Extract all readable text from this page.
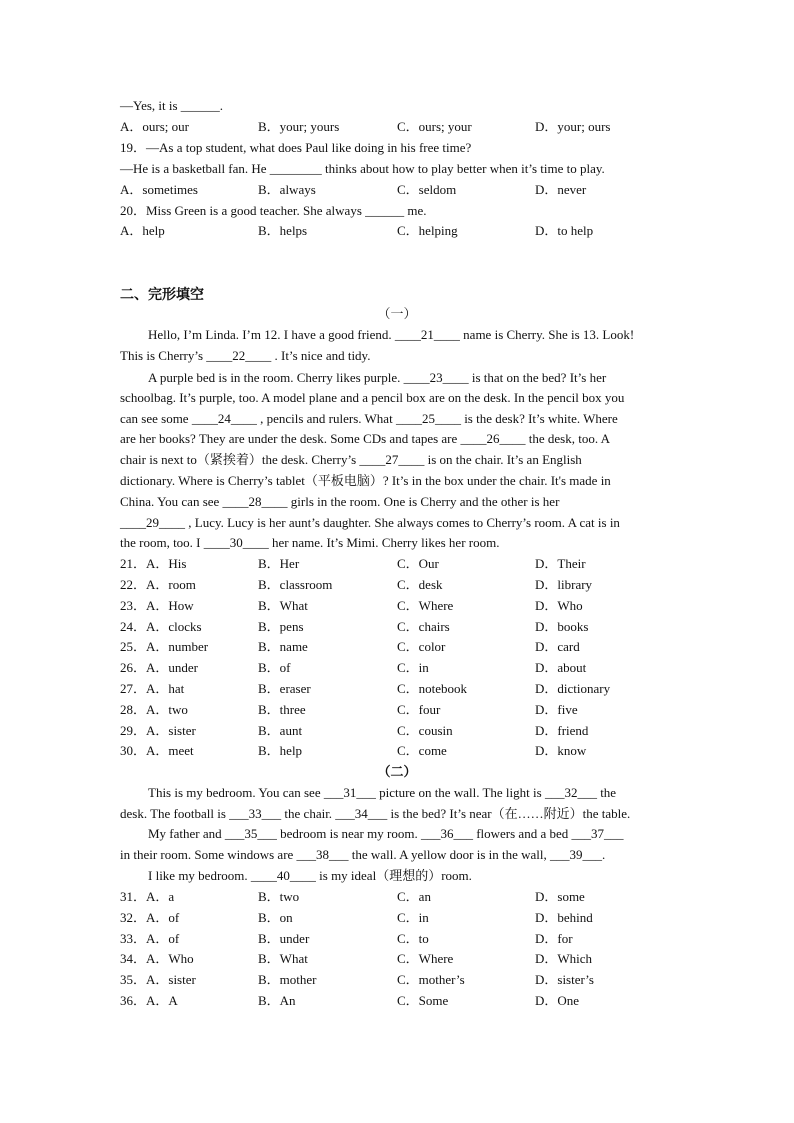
—Yes, it is ______.
A．ours; our	B．your; yours	C．ours; your	D．your; ours
19．—As a top student, what does Paul like doing in his free time?
—He is a basketball fan. He ________ thinks about how to play better when it’s time to play.
A．sometimes	B．always	C．seldom	D．never
20．Miss Green is a good teacher. She always ______ me.
A．help	B．helps	C．helping	D．to help
二、完形填空
（一）
Hello, I’m Linda. I’m 12. I have a good friend. ____21____ name is Cherry. She is 13. Look!
This is Cherry’s ____22____ . It’s nice and tidy.
A purple bed is in the room. Cherry likes purple. ____23____ is that on the bed? It’s her
schoolbag. It’s purple, too. A model plane and a pencil box are on the desk. In the pencil box you
can see some ____24____ , pencils and rulers. What ____25____ is the desk? It’s white. Where
are her books? They are under the desk. Some CDs and tapes are ____26____ the desk, too. A
chair is next to（紧挨着）the desk. Cherry’s ____27____ is on the chair. It’s an English
dictionary. Where is Cherry’s tablet（平板电脑）? It’s in the box under the chair. It's made in
China. You can see ____28____ girls in the room. One is Cherry and the other is her
____29____ , Lucy. Lucy is her aunt’s daughter. She always comes to Cherry’s room. A cat is in
the room, too. I ____30____ her name. It’s Mimi. Cherry likes her room.
21．A．His	B．Her	C．Our	D．Their
22．A．room	B．classroom	C．desk	D．library
23．A．How	B．What	C．Where	D．Who
24．A．clocks	B．pens	C．chairs	D．books
25．A．number	B．name	C．color	D．card
26．A．under	B．of	C．in	D．about
27．A．hat	B．eraser	C．notebook	D．dictionary
28．A．two	B．three	C．four	D．five
29．A．sister	B．aunt	C．cousin	D．friend
30．A．meet	B．help	C．come	D．know
（二）
This is my bedroom. You can see ___31___ picture on the wall. The light is ___32___ the
desk. The football is ___33___ the chair. ___34___ is the bed? It’s near（在……附近）the table.
My father and ___35___ bedroom is near my room. ___36___ flowers and a bed ___37___
in their room. Some windows are ___38___ the wall. A yellow door is in the wall, ___39___.
I like my bedroom. ____40____ is my ideal（理想的）room.
31．A．a	B．two	C．an	D．some
32．A．of	B．on	C．in	D．behind
33．A．of	B．under	C．to	D．for
34．A．Who	B．What	C．Where	D．Which
35．A．sister	B．mother	C．mother’s	D．sister’s
36．A．A	B．An	C．Some	D．One
